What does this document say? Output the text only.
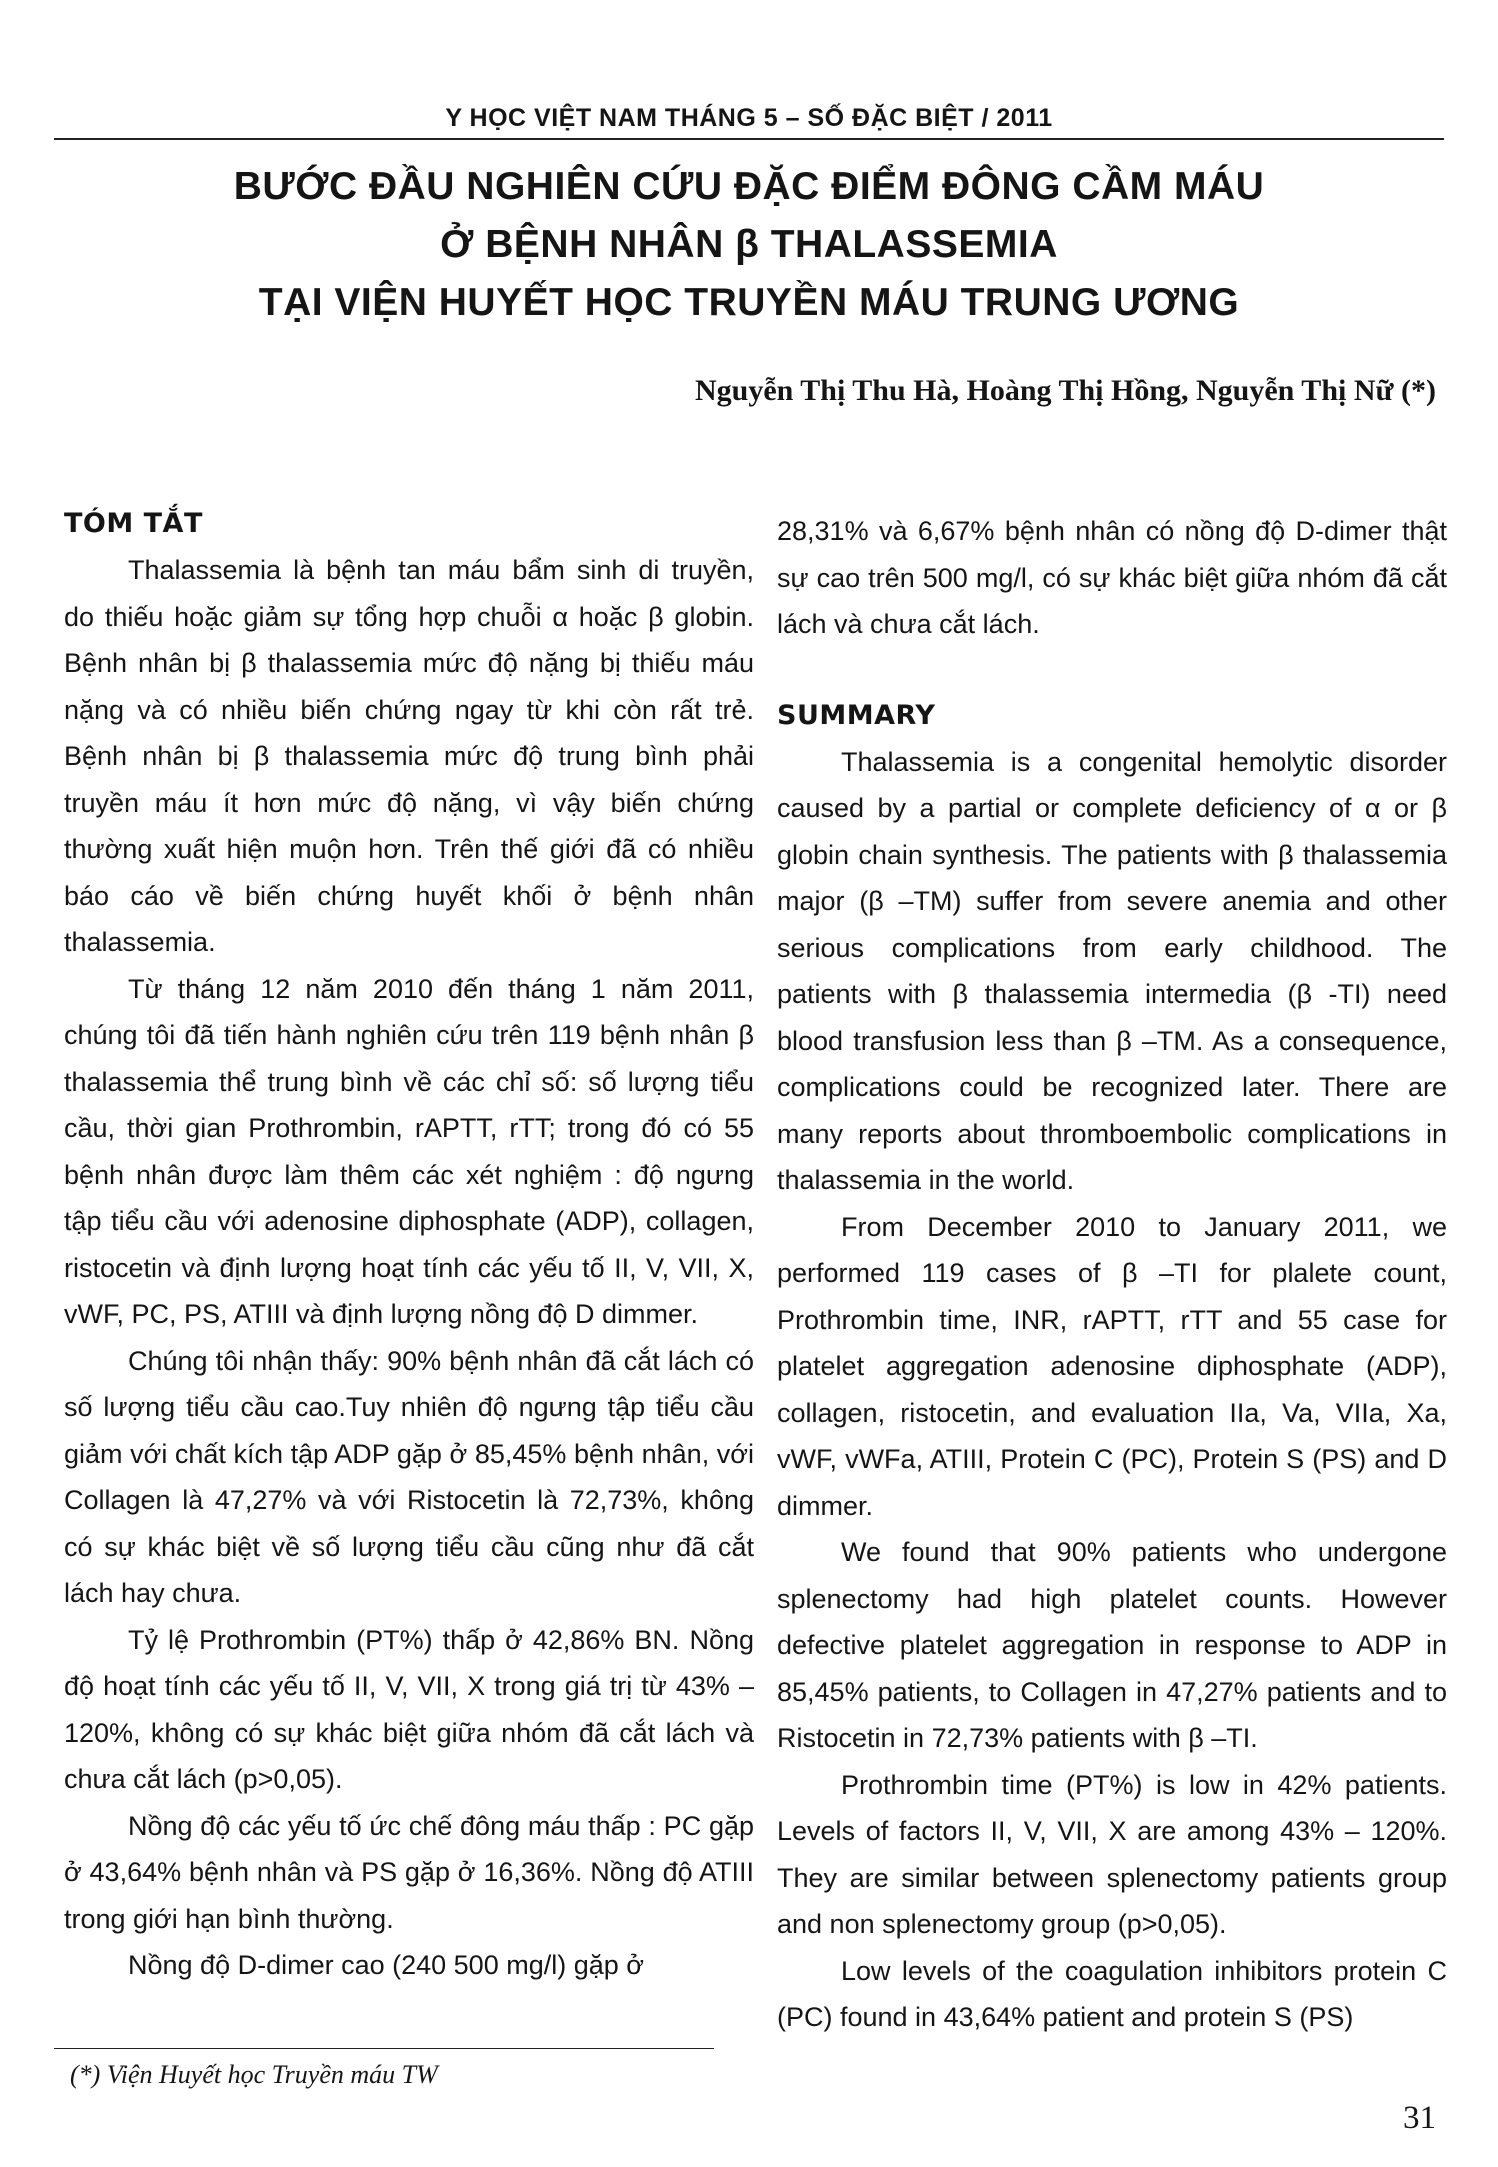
Y HỌC VIỆT NAM THÁNG 5 – SỐ ĐẶC BIỆT / 2011
BƯỚC ĐẦU NGHIÊN CỨU ĐẶC ĐIỂM ĐÔNG CẦM MÁU
Ở BỆNH NHÂN β THALASSEMIA
TẠI VIỆN HUYẾT HỌC TRUYỀN MÁU TRUNG ƯƠNG
Nguyễn Thị Thu Hà, Hoàng Thị Hồng, Nguyễn Thị Nữ (*)
TÓM TẮT

Thalassemia là bệnh tan máu bẩm sinh di truyền, do thiếu hoặc giảm sự tổng hợp chuỗi α hoặc β globin. Bệnh nhân bị β thalassemia mức độ nặng bị thiếu máu nặng và có nhiều biến chứng ngay từ khi còn rất trẻ. Bệnh nhân bị β thalassemia mức độ trung bình phải truyền máu ít hơn mức độ nặng, vì vậy biến chứng thường xuất hiện muộn hơn. Trên thế giới đã có nhiều báo cáo về biến chứng huyết khối ở bệnh nhân thalassemia.

Từ tháng 12 năm 2010 đến tháng 1 năm 2011, chúng tôi đã tiến hành nghiên cứu trên 119 bệnh nhân β thalassemia thể trung bình về các chỉ số: số lượng tiểu cầu, thời gian Prothrombin, rAPTT, rTT; trong đó có 55 bệnh nhân được làm thêm các xét nghiệm : độ ngưng tập tiểu cầu với adenosine diphosphate (ADP), collagen, ristocetin và định lượng hoạt tính các yếu tố II, V, VII, X, vWF, PC, PS, ATIII và định lượng nồng độ D dimmer.

Chúng tôi nhận thấy: 90% bệnh nhân đã cắt lách có số lượng tiểu cầu cao.Tuy nhiên độ ngưng tập tiểu cầu giảm với chất kích tập ADP gặp ở 85,45% bệnh nhân, với Collagen là 47,27% và với Ristocetin là 72,73%, không có sự khác biệt về số lượng tiểu cầu cũng như đã cắt lách hay chưa.

Tỷ lệ Prothrombin (PT%) thấp ở 42,86% BN. Nồng độ hoạt tính các yếu tố II, V, VII, X trong giá trị từ 43% – 120%, không có sự khác biệt giữa nhóm đã cắt lách và chưa cắt lách (p>0,05).

Nồng độ các yếu tố ức chế đông máu thấp : PC gặp ở 43,64% bệnh nhân và PS gặp ở 16,36%. Nồng độ ATIII trong giới hạn bình thường.

Nồng độ D-dimer cao (240 500 mg/l) gặp ở

28,31% và 6,67% bệnh nhân có nồng độ D-dimer thật sự cao trên 500 mg/l, có sự khác biệt giữa nhóm đã cắt lách và chưa cắt lách.

SUMMARY

Thalassemia is a congenital hemolytic disorder caused by a partial or complete deficiency of α or β globin chain synthesis. The patients with β thalassemia major (β –TM) suffer from severe anemia and other serious complications from early childhood. The patients with β thalassemia intermedia (β -TI) need blood transfusion less than β –TM. As a consequence, complications could be recognized later. There are many reports about thromboembolic complications in thalassemia in the world.

From December 2010 to January 2011, we performed 119 cases of β –TI for plalete count, Prothrombin time, INR, rAPTT, rTT and 55 case for platelet aggregation adenosine diphosphate (ADP), collagen, ristocetin, and evaluation IIa, Va, VIIa, Xa, vWF, vWFa, ATIII, Protein C (PC), Protein S (PS) and D dimmer.

We found that 90% patients who undergone splenectomy had high platelet counts. However defective platelet aggregation in response to ADP in 85,45% patients, to Collagen in 47,27% patients and to Ristocetin in 72,73% patients with β –TI.

Prothrombin time (PT%) is low in 42% patients. Levels of factors II, V, VII, X are among 43% – 120%. They are similar between splenectomy patients group and non splenectomy group (p>0,05).

Low levels of the coagulation inhibitors protein C (PC) found in 43,64% patient and protein S (PS)

(*) Viện Huyết học Truyền máu TW
31
